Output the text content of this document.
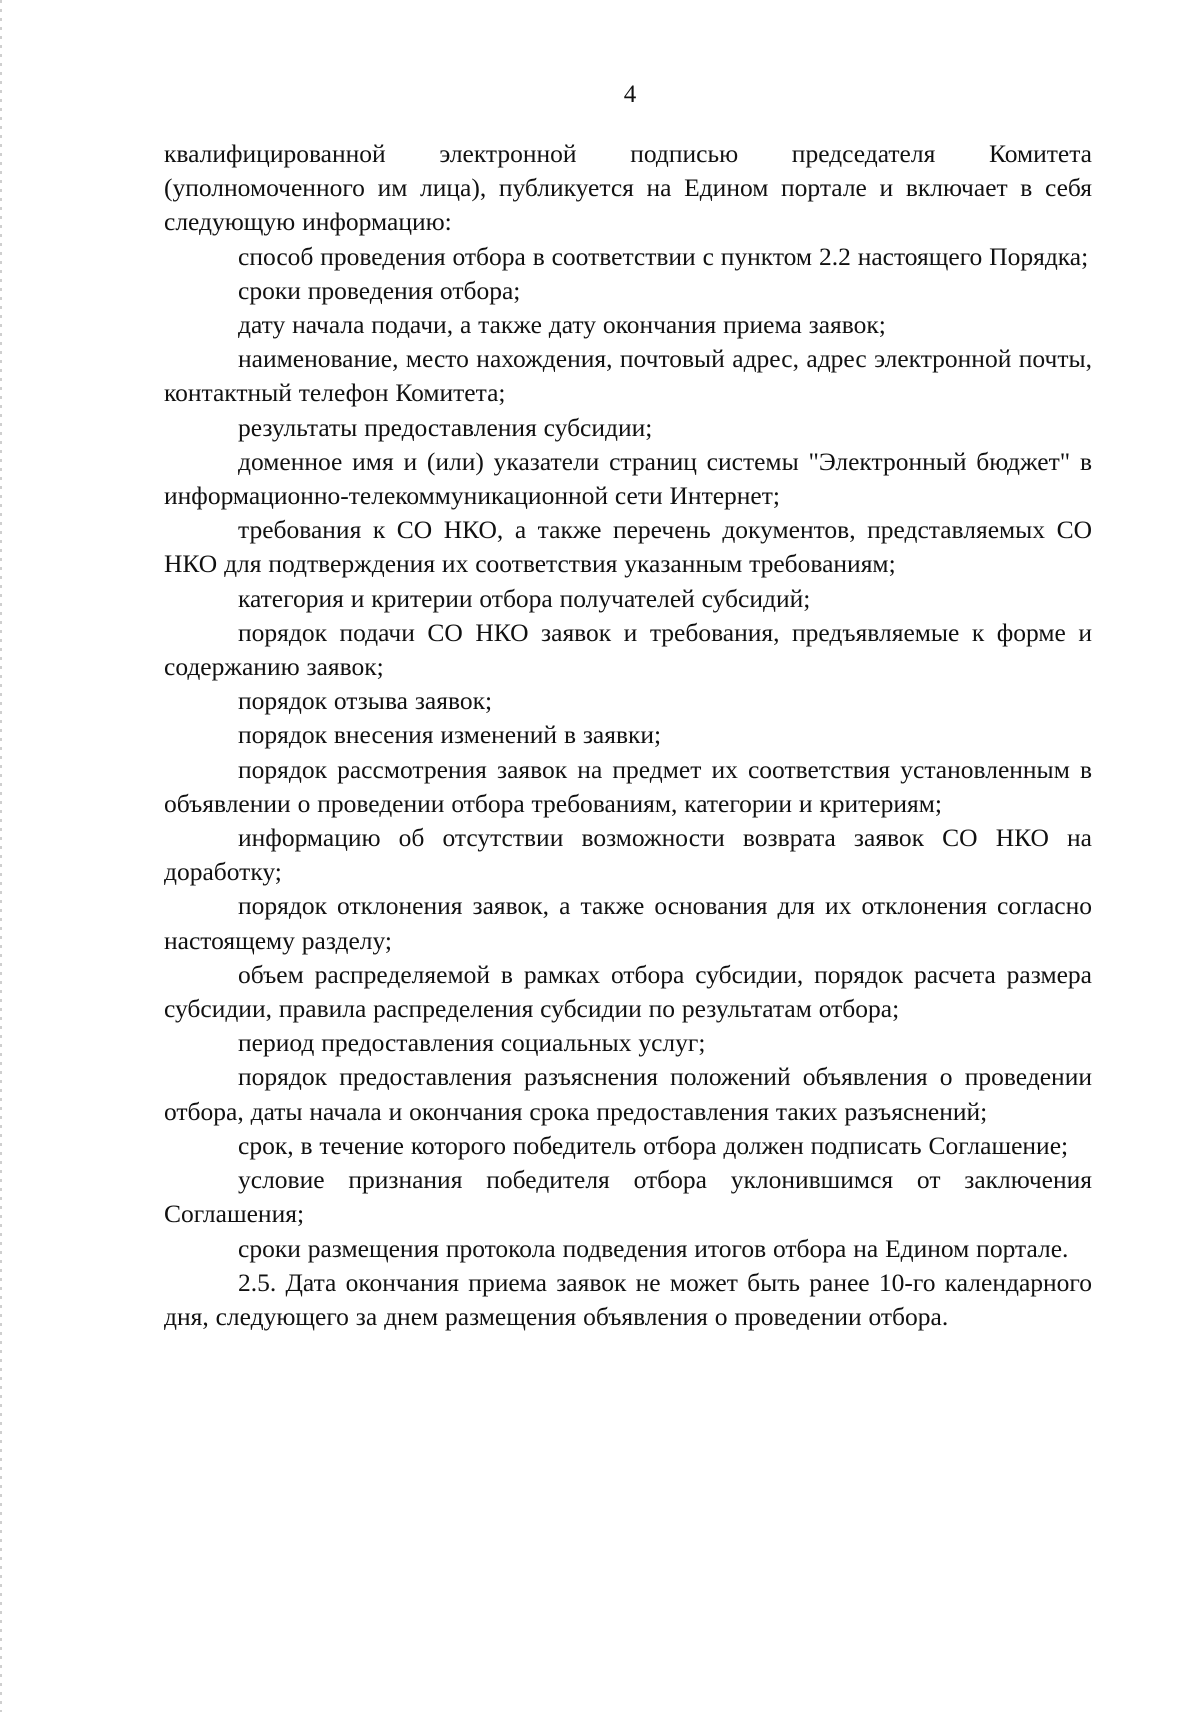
4

квалифицированной электронной подписью председателя Комитета (уполномоченного им лица), публикуется на Едином портале и включает в себя следующую информацию:

способ проведения отбора в соответствии с пунктом 2.2 настоящего Порядка;

сроки проведения отбора;

дату начала подачи, а также дату окончания приема заявок;

наименование, место нахождения, почтовый адрес, адрес электронной почты, контактный телефон Комитета;

результаты предоставления субсидии;

доменное имя и (или) указатели страниц системы "Электронный бюджет" в информационно-телекоммуникационной сети Интернет;

требования к СО НКО, а также перечень документов, представляемых СО НКО для подтверждения их соответствия указанным требованиям;

категория и критерии отбора получателей субсидий;

порядок подачи СО НКО заявок и требования, предъявляемые к форме и содержанию заявок;

порядок отзыва заявок;

порядок внесения изменений в заявки;

порядок рассмотрения заявок на предмет их соответствия установленным в объявлении о проведении отбора требованиям, категории и критериям;

информацию об отсутствии возможности возврата заявок СО НКО на доработку;

порядок отклонения заявок, а также основания для их отклонения согласно настоящему разделу;

объем распределяемой в рамках отбора субсидии, порядок расчета размера субсидии, правила распределения субсидии по результатам отбора;

период предоставления социальных услуг;

порядок предоставления разъяснения положений объявления о проведении отбора, даты начала и окончания срока предоставления таких разъяснений;

срок, в течение которого победитель отбора должен подписать Соглашение;

условие признания победителя отбора уклонившимся от заключения Соглашения;

сроки размещения протокола подведения итогов отбора на Едином портале.

2.5. Дата окончания приема заявок не может быть ранее 10-го календарного дня, следующего за днем размещения объявления о проведении отбора.
